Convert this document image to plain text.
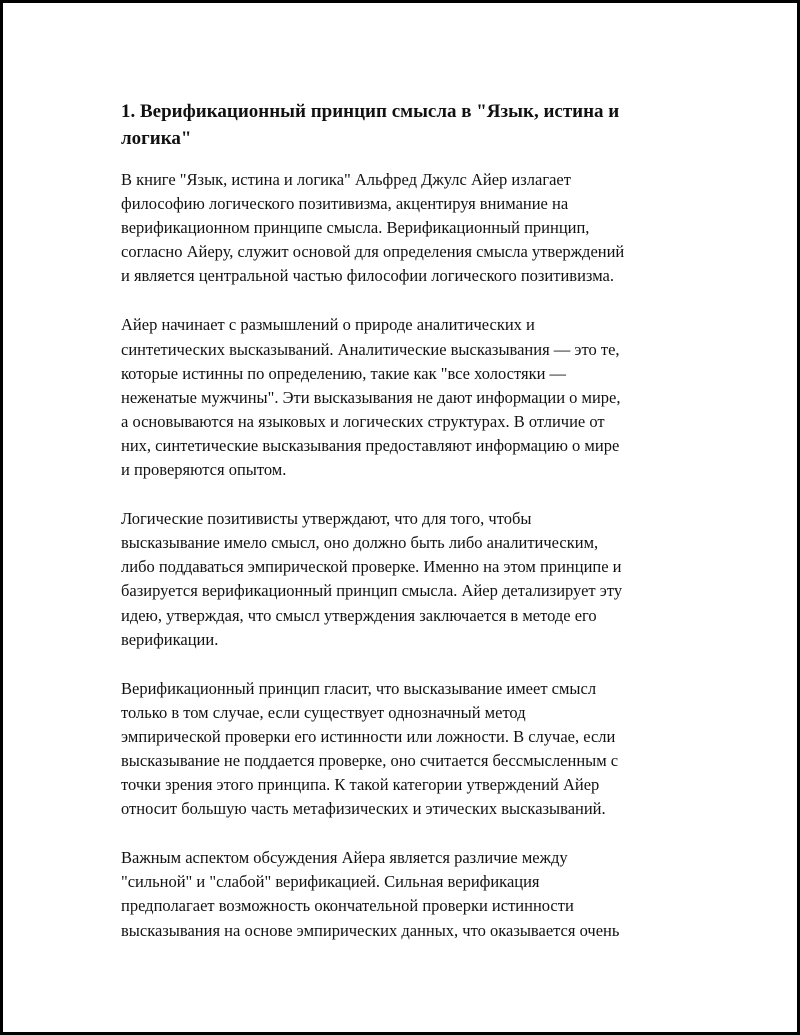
1. Верификационный принцип смысла в "Язык, истина и
логика"

В книге "Язык, истина и логика" Альфред Джулс Айер излагает
философию логического позитивизма, акцентируя внимание на
верификационном принципе смысла. Верификационный принцип,
согласно Айеру, служит основой для определения смысла утверждений
и является центральной частью философии логического позитивизма.

Айер начинает с размышлений о природе аналитических и
синтетических высказываний. Аналитические высказывания — это те,
которые истинны по определению, такие как "все холостяки —
неженатые мужчины". Эти высказывания не дают информации о мире,
а основываются на языковых и логических структурах. В отличие от
них, синтетические высказывания предоставляют информацию о мире
и проверяются опытом.

Логические позитивисты утверждают, что для того, чтобы
высказывание имело смысл, оно должно быть либо аналитическим,
либо поддаваться эмпирической проверке. Именно на этом принципе и
базируется верификационный принцип смысла. Айер детализирует эту
идею, утверждая, что смысл утверждения заключается в методе его
верификации.

Верификационный принцип гласит, что высказывание имеет смысл
только в том случае, если существует однозначный метод
эмпирической проверки его истинности или ложности. В случае, если
высказывание не поддается проверке, оно считается бессмысленным с
точки зрения этого принципа. К такой категории утверждений Айер
относит большую часть метафизических и этических высказываний.

Важным аспектом обсуждения Айера является различие между
"сильной" и "слабой" верификацией. Сильная верификация
предполагает возможность окончательной проверки истинности
высказывания на основе эмпирических данных, что оказывается очень
